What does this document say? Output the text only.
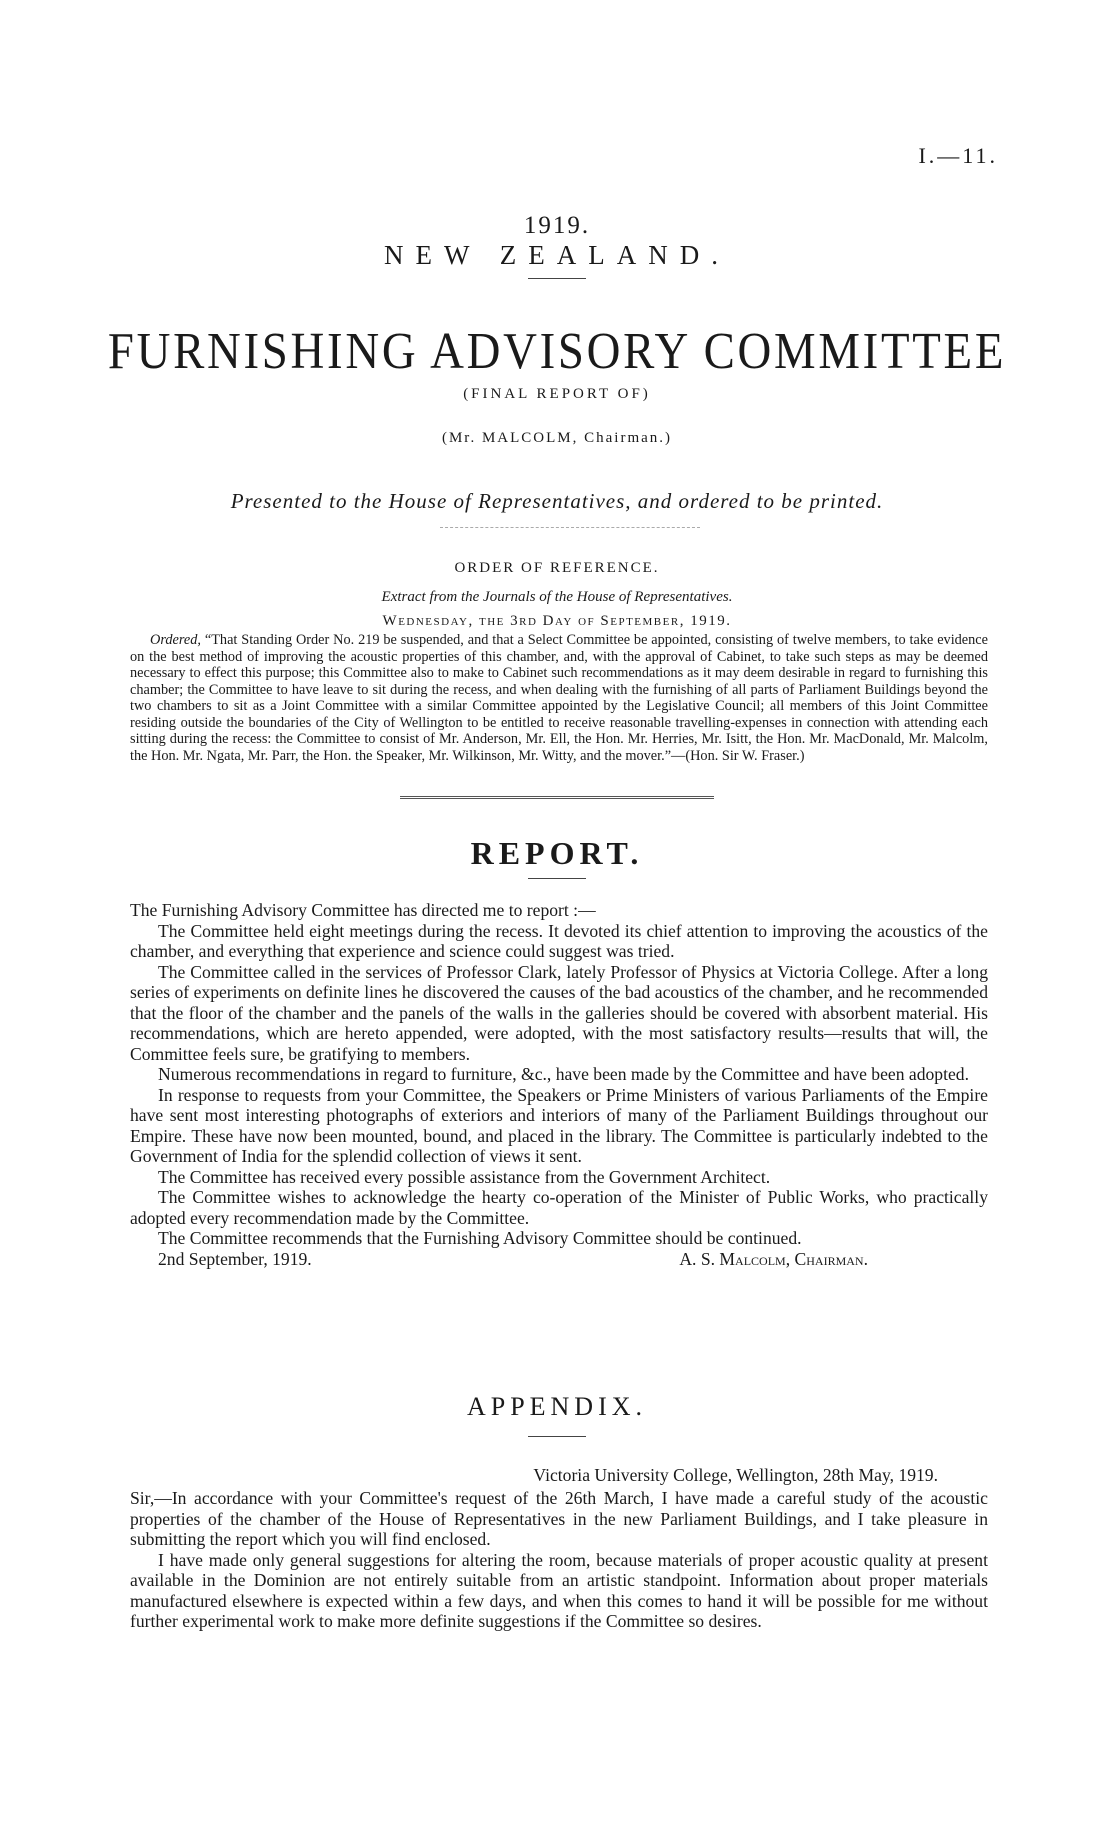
I.—11.
1919.
NEW ZEALAND.
FURNISHING ADVISORY COMMITTEE
(FINAL REPORT OF)
(Mr. MALCOLM, Chairman.)
Presented to the House of Representatives, and ordered to be printed.
ORDER OF REFERENCE.
Extract from the Journals of the House of Representatives.
Wednesday, the 3rd Day of September, 1919.
Ordered, “That Standing Order No. 219 be suspended, and that a Select Committee be appointed, consisting of twelve members, to take evidence on the best method of improving the acoustic properties of this chamber, and, with the approval of Cabinet, to take such steps as may be deemed necessary to effect this purpose; this Committee also to make to Cabinet such recommendations as it may deem desirable in regard to furnishing this chamber; the Committee to have leave to sit during the recess, and when dealing with the furnishing of all parts of Parliament Buildings beyond the two chambers to sit as a Joint Committee with a similar Committee appointed by the Legislative Council; all members of this Joint Committee residing outside the boundaries of the City of Wellington to be entitled to receive reasonable travelling-expenses in connection with attending each sitting during the recess: the Committee to consist of Mr. Anderson, Mr. Ell, the Hon. Mr. Herries, Mr. Isitt, the Hon. Mr. MacDonald, Mr. Malcolm, the Hon. Mr. Ngata, Mr. Parr, the Hon. the Speaker, Mr. Wilkinson, Mr. Witty, and the mover.”—(Hon. Sir W. Fraser.)
REPORT.

The Furnishing Advisory Committee has directed me to report :—

The Committee held eight meetings during the recess. It devoted its chief attention to improving the acoustics of the chamber, and everything that experience and science could suggest was tried.

The Committee called in the services of Professor Clark, lately Professor of Physics at Victoria College. After a long series of experiments on definite lines he discovered the causes of the bad acoustics of the chamber, and he recommended that the floor of the chamber and the panels of the walls in the galleries should be covered with absorbent material. His recommendations, which are hereto appended, were adopted, with the most satisfactory results—results that will, the Committee feels sure, be gratifying to members.

Numerous recommendations in regard to furniture, &c., have been made by the Committee and have been adopted.

In response to requests from your Committee, the Speakers or Prime Ministers of various Parliaments of the Empire have sent most interesting photographs of exteriors and interiors of many of the Parliament Buildings throughout our Empire. These have now been mounted, bound, and placed in the library. The Committee is particularly indebted to the Government of India for the splendid collection of views it sent.

The Committee has received every possible assistance from the Government Architect.

The Committee wishes to acknowledge the hearty co-operation of the Minister of Public Works, who practically adopted every recommendation made by the Committee.

The Committee recommends that the Furnishing Advisory Committee should be continued.

2nd September, 1919.	A. S. Malcolm, Chairman.
APPENDIX.
Victoria University College, Wellington, 28th May, 1919.

Sir,—In accordance with your Committee's request of the 26th March, I have made a careful study of the acoustic properties of the chamber of the House of Representatives in the new Parliament Buildings, and I take pleasure in submitting the report which you will find enclosed.

I have made only general suggestions for altering the room, because materials of proper acoustic quality at present available in the Dominion are not entirely suitable from an artistic standpoint. Information about proper materials manufactured elsewhere is expected within a few days, and when this comes to hand it will be possible for me without further experimental work to make more definite suggestions if the Committee so desires.
